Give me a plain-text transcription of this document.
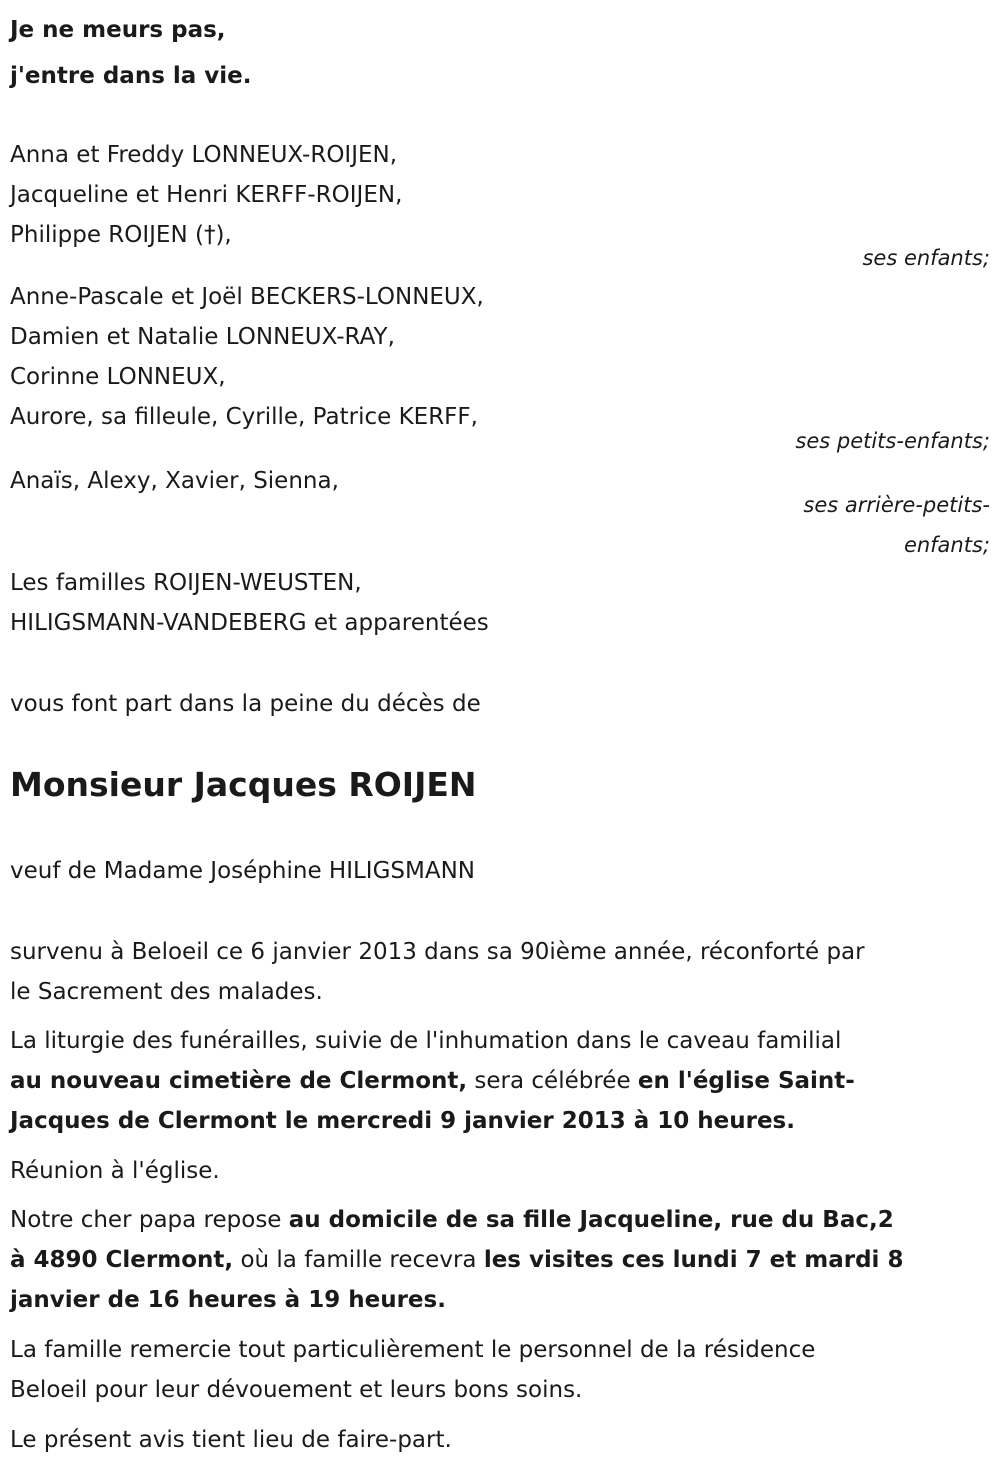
Je ne meurs pas,
j'entre dans la vie.
Anna et Freddy LONNEUX-ROIJEN,
Jacqueline et Henri KERFF-ROIJEN,
Philippe ROIJEN (†),
ses enfants;
Anne-Pascale et Joël BECKERS-LONNEUX,
Damien et Natalie LONNEUX-RAY,
Corinne LONNEUX,
Aurore, sa filleule, Cyrille, Patrice KERFF,
ses petits-enfants;
Anaïs, Alexy, Xavier, Sienna,
ses arrière-petits-
enfants;
Les familles ROIJEN-WEUSTEN,
HILIGSMANN-VANDEBERG et apparentées
vous font part dans la peine du décès de
Monsieur Jacques ROIJEN
veuf de Madame Joséphine HILIGSMANN
survenu à Beloeil ce 6 janvier 2013 dans sa 90ième année, réconforté par
le Sacrement des malades.
La liturgie des funérailles, suivie de l'inhumation dans le caveau familial
au nouveau cimetière de Clermont, sera célébrée en l'église Saint-
Jacques de Clermont le mercredi 9 janvier 2013 à 10 heures.
Réunion à l'église.
Notre cher papa repose au domicile de sa fille Jacqueline, rue du Bac,2
à 4890 Clermont, où la famille recevra les visites ces lundi 7 et mardi 8
janvier de 16 heures à 19 heures.
La famille remercie tout particulièrement le personnel de la résidence
Beloeil pour leur dévouement et leurs bons soins.
Le présent avis tient lieu de faire-part.
